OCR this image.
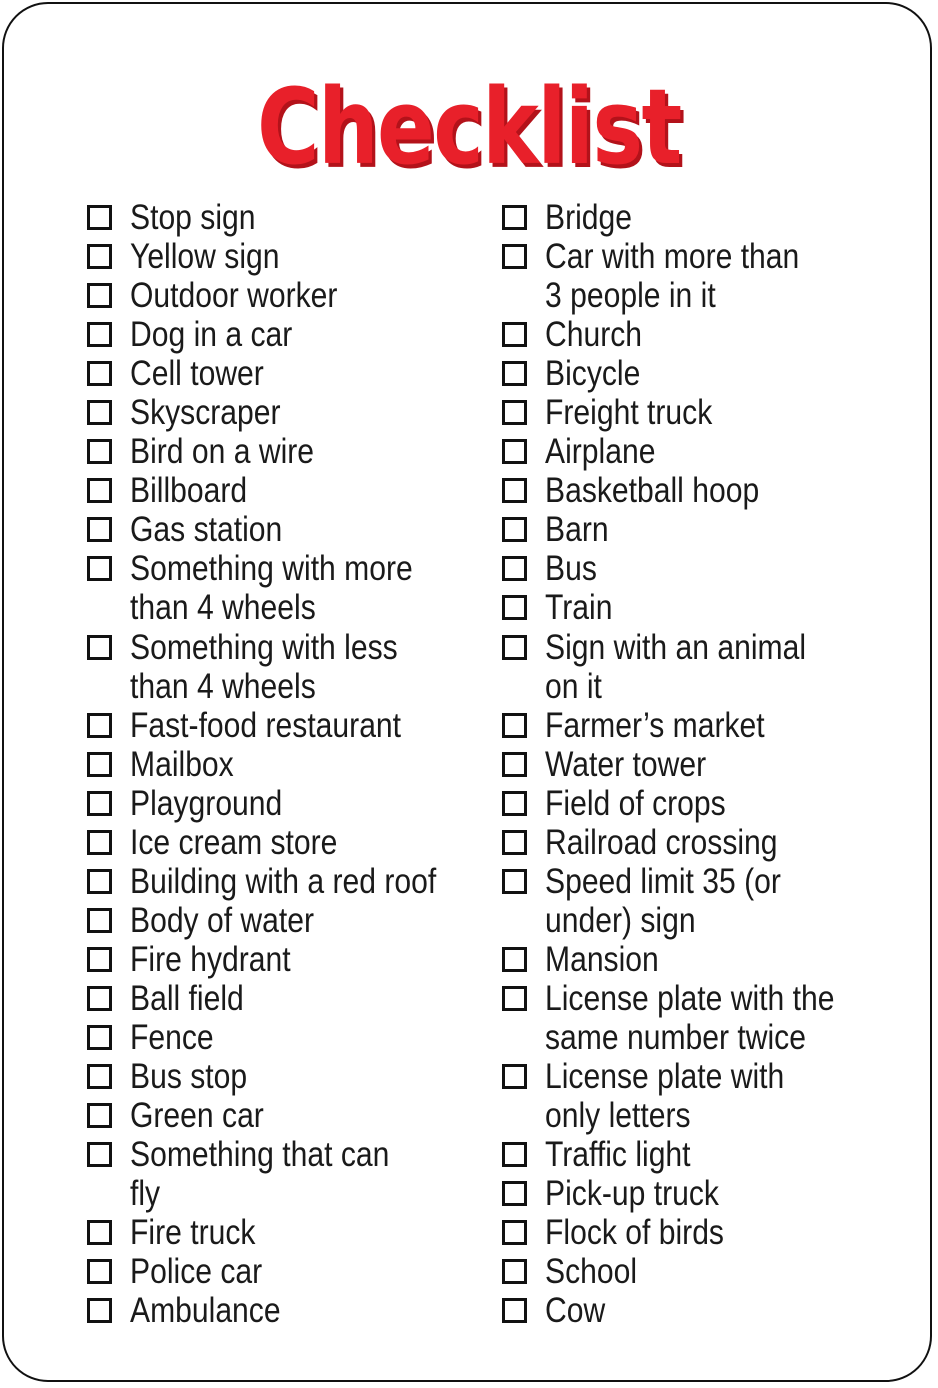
Checklist
Stop sign
Yellow sign
Outdoor worker
Dog in a car
Cell tower
Skyscraper
Bird on a wire
Billboard
Gas station
Something with more
than 4 wheels
Something with less
than 4 wheels
Fast-food restaurant
Mailbox
Playground
Ice cream store
Building with a red roof
Body of water
Fire hydrant
Ball field
Fence
Bus stop
Green car
Something that can
fly
Fire truck
Police car
Ambulance
Bridge
Car with more than
3 people in it
Church
Bicycle
Freight truck
Airplane
Basketball hoop
Barn
Bus
Train
Sign with an animal
on it
Farmer’s market
Water tower
Field of crops
Railroad crossing
Speed limit 35 (or
under) sign
Mansion
License plate with the
same number twice
License plate with
only letters
Traffic light
Pick-up truck
Flock of birds
School
Cow
